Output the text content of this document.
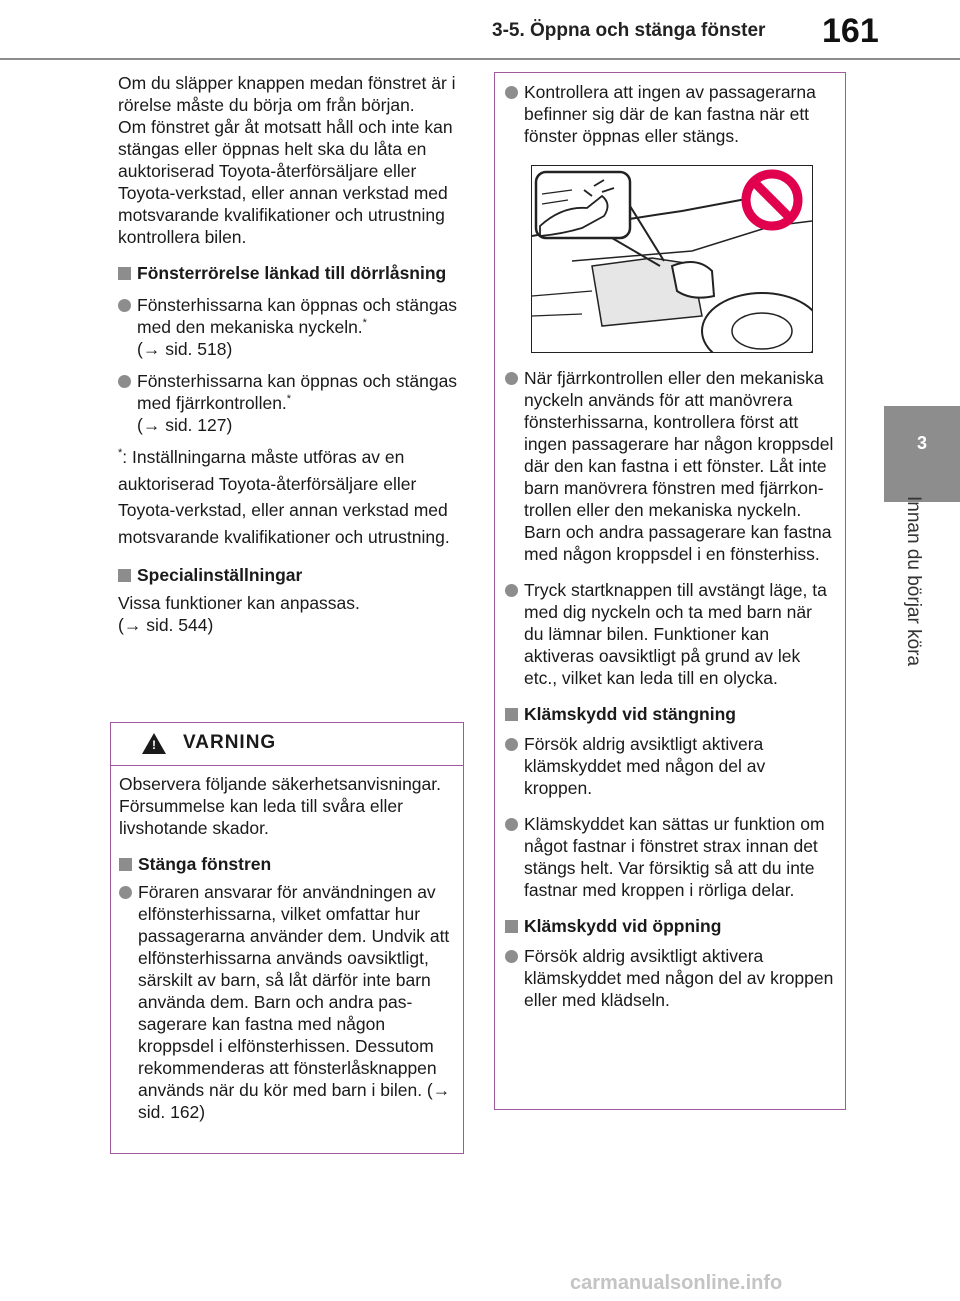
3-5. Öppna och stänga fönster 161
3
Innan du börjar köra

Om du släpper knappen medan fönstret är i rörelse måste du börja om från början.

Om fönstret går åt motsatt håll och inte kan stängas eller öppnas helt ska du låta en auktoriserad Toyota-återförsäljare eller Toyota-verkstad, eller annan verkstad med motsvarande kvalifikationer och utrustning kontrollera bilen.

Fönsterrörelse länkad till dörrlåsning

Fönsterhissarna kan öppnas och stängas med den mekaniska nyckeln.*
(→ sid. 518)

Fönsterhissarna kan öppnas och stängas med fjärrkontrollen.*
(→ sid. 127)

*: Inställningarna måste utföras av en auktoriserad Toyota-återförsäljare eller Toyota-verkstad, eller annan verkstad med motsvarande kvalifikationer och utrustning.

Specialinställningar

Vissa funktioner kan anpassas.
(→ sid. 544)

! VARNING

Observera följande säkerhetsanvisningar. Försummelse kan leda till svåra eller livshotande skador.

Stänga fönstren

Föraren ansvarar för användningen av elfönsterhissarna, vilket omfattar hur passagerarna använder dem. Undvik att elfönsterhissarna används oavsiktligt, särskilt av barn, så låt därför inte barn använda dem. Barn och andra passagerare kan fastna med någon kroppsdel i elfönsterhissen. Dessutom rekommenderas att fönsterlåsknappen används när du kör med barn i bilen. (→ sid. 162)

Kontrollera att ingen av passagerarna befinner sig där de kan fastna när ett fönster öppnas eller stängs.

När fjärrkontrollen eller den mekaniska nyckeln används för att manövrera fönsterhissarna, kontrollera först att ingen passagerare har någon kroppsdel där den kan fastna i ett fönster. Låt inte barn manövrera fönstren med fjärrkontrollen eller den mekaniska nyckeln. Barn och andra passagerare kan fastna med någon kroppsdel i en fönsterhiss.

Tryck startknappen till avstängt läge, ta med dig nyckeln och ta med barn när du lämnar bilen. Funktioner kan aktiveras oavsiktligt på grund av lek etc., vilket kan leda till en olycka.

Klämskydd vid stängning

Försök aldrig avsiktligt aktivera klämskyddet med någon del av kroppen.

Klämskyddet kan sättas ur funktion om något fastnar i fönstret strax innan det stängs helt. Var försiktig så att du inte fastnar med kroppen i rörliga delar.

Klämskydd vid öppning

Försök aldrig avsiktligt aktivera klämskyddet med någon del av kroppen eller med klädseln.

carmanualsonline.info
